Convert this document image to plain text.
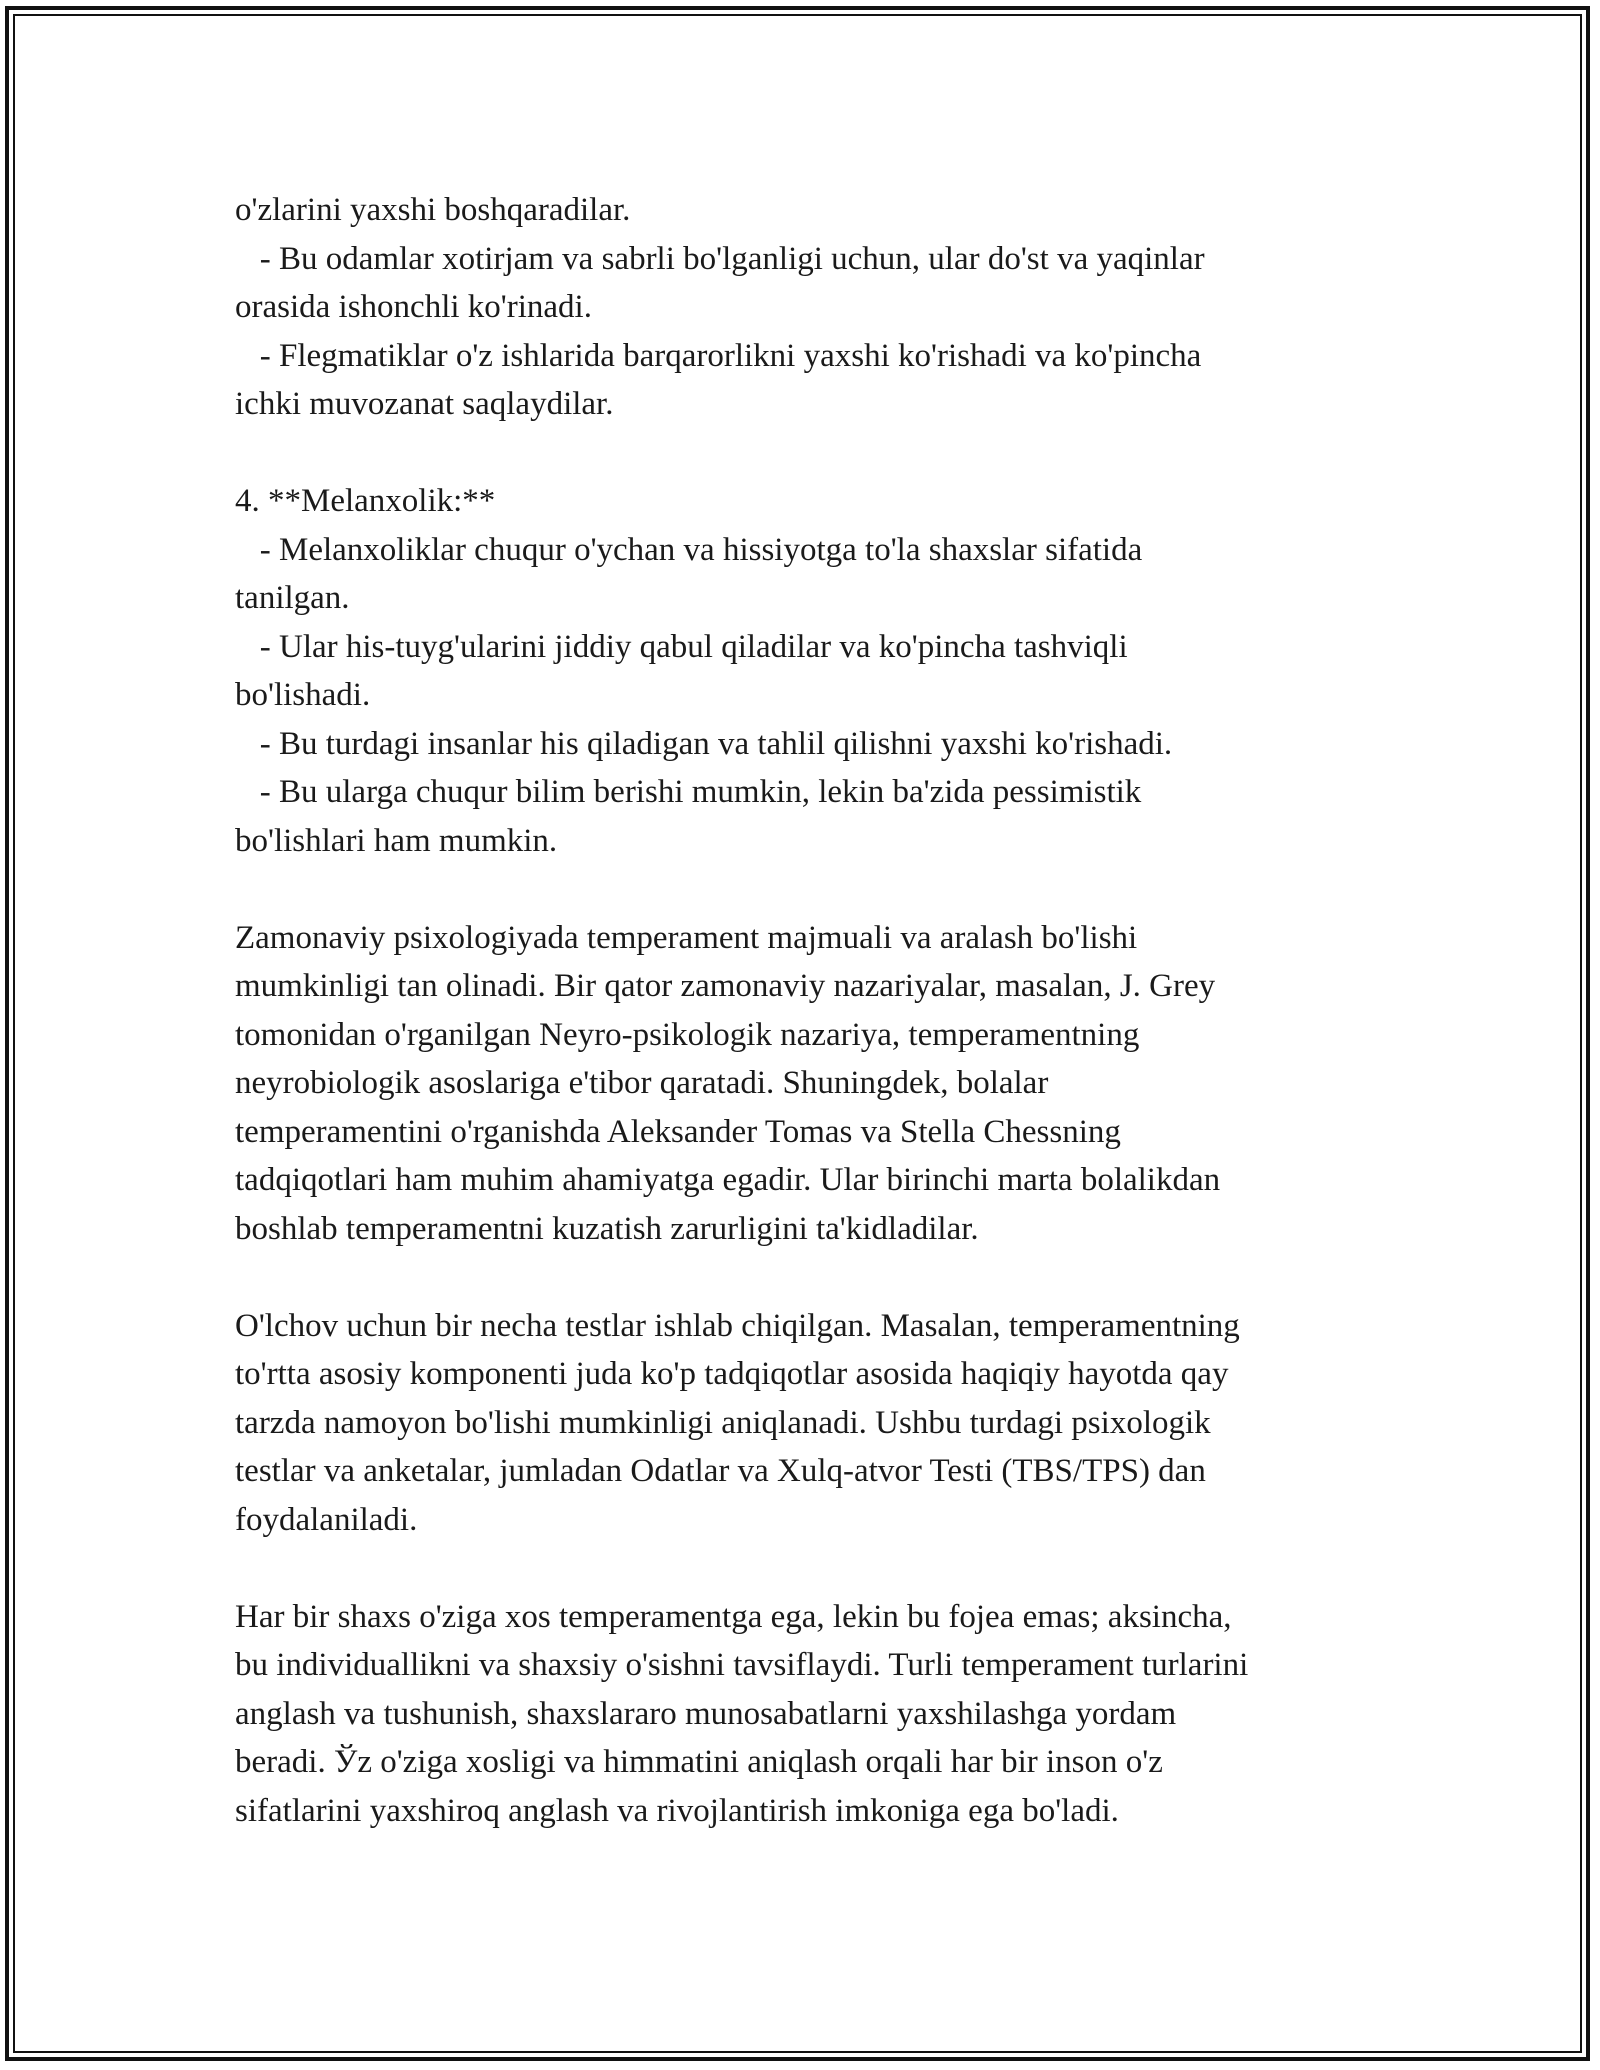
o'zlarini yaxshi boshqaradilar.
- Bu odamlar xotirjam va sabrli bo'lganligi uchun, ular do'st va yaqinlar
orasida ishonchli ko'rinadi.
- Flegmatiklar o'z ishlarida barqarorlikni yaxshi ko'rishadi va ko'pincha
ichki muvozanat saqlaydilar.
4. **Melanxolik:**
- Melanxoliklar chuqur o'ychan va hissiyotga to'la shaxslar sifatida
tanilgan.
- Ular his-tuyg'ularini jiddiy qabul qiladilar va ko'pincha tashviqli
bo'lishadi.
- Bu turdagi insanlar his qiladigan va tahlil qilishni yaxshi ko'rishadi.
- Bu ularga chuqur bilim berishi mumkin, lekin ba'zida pessimistik
bo'lishlari ham mumkin.
Zamonaviy psixologiyada temperament majmuali va aralash bo'lishi
mumkinligi tan olinadi. Bir qator zamonaviy nazariyalar, masalan, J. Grey
tomonidan o'rganilgan Neyro-psikologik nazariya, temperamentning
neyrobiologik asoslariga e'tibor qaratadi. Shuningdek, bolalar
temperamentini o'rganishda Aleksander Tomas va Stella Chessning
tadqiqotlari ham muhim ahamiyatga egadir. Ular birinchi marta bolalikdan
boshlab temperamentni kuzatish zarurligini ta'kidladilar.
O'lchov uchun bir necha testlar ishlab chiqilgan. Masalan, temperamentning
to'rtta asosiy komponenti juda ko'p tadqiqotlar asosida haqiqiy hayotda qay
tarzda namoyon bo'lishi mumkinligi aniqlanadi. Ushbu turdagi psixologik
testlar va anketalar, jumladan Odatlar va Xulq-atvor Testi (TBS/TPS) dan
foydalaniladi.
Har bir shaxs o'ziga xos temperamentga ega, lekin bu fojea emas; aksincha,
bu individuallikni va shaxsiy o'sishni tavsiflaydi. Turli temperament turlarini
anglash va tushunish, shaxslararo munosabatlarni yaxshilashga yordam
beradi. Ўz o'ziga xosligi va himmatini aniqlash orqali har bir inson o'z
sifatlarini yaxshiroq anglash va rivojlantirish imkoniga ega bo'ladi.
